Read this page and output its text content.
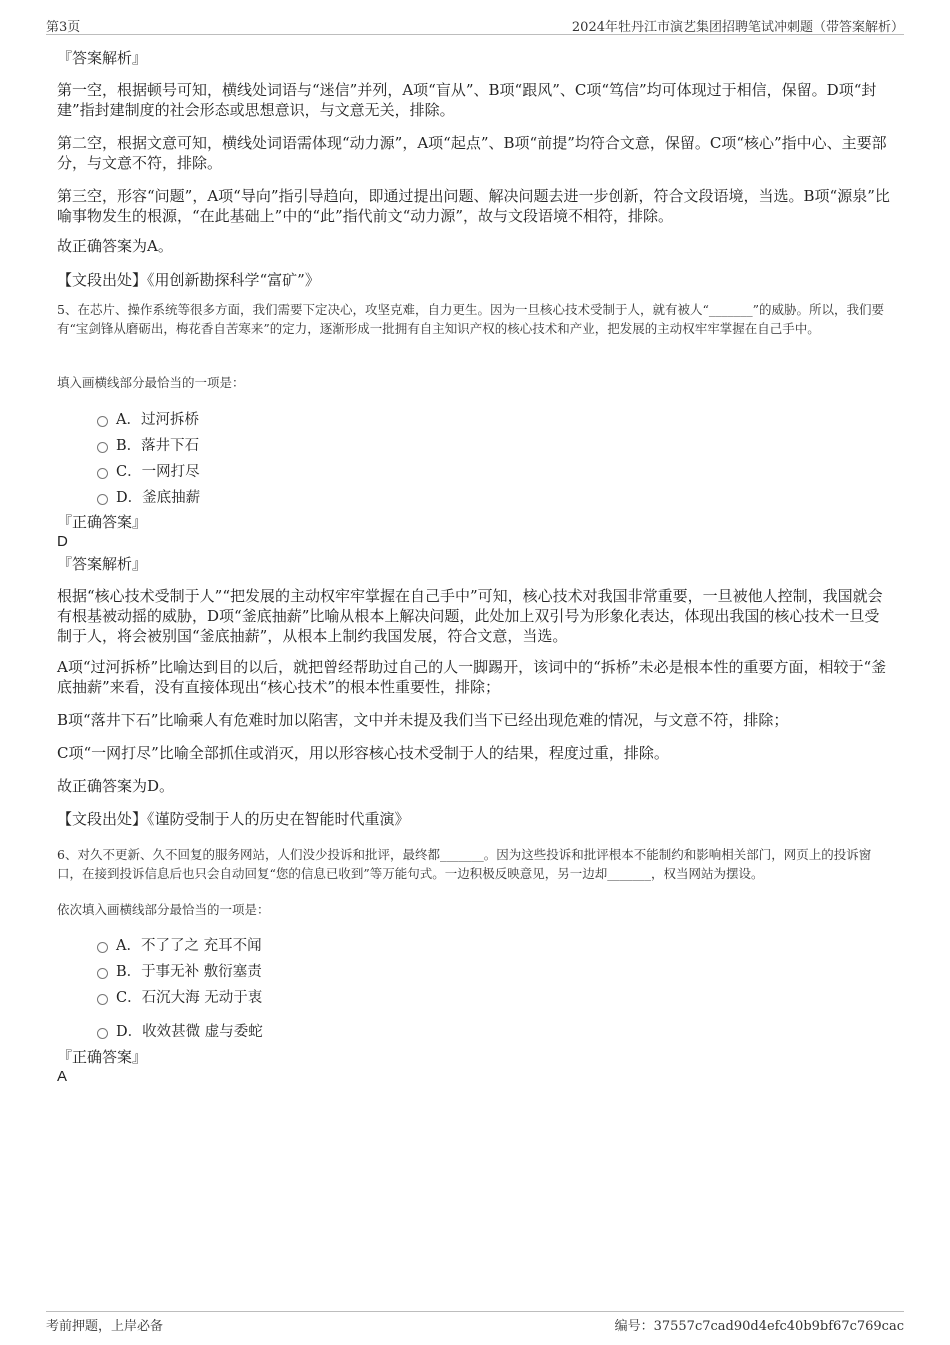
第3页	2024年牡丹江市演艺集团招聘笔试冲刺题（带答案解析）
『答案解析』
第一空，根据顿号可知，横线处词语与“迷信”并列，A项“盲从”、B项“跟风”、C项“笃信”均可体现过于相信，保留。D项“封建”指封建制度的社会形态或思想意识，与文意无关，排除。
第二空，根据文意可知，横线处词语需体现“动力源”，A项“起点”、B项“前提”均符合文意，保留。C项“核心”指中心、主要部分，与文意不符，排除。
第三空，形容“问题”，A项“导向”指引导趋向，即通过提出问题、解决问题去进一步创新，符合文段语境，当选。B项“源泉”比喻事物发生的根源，“在此基础上”中的“此”指代前文“动力源”，故与文段语境不相符，排除。
故正确答案为A。
【文段出处】《用创新勘探科学“富矿”》
5、在芯片、操作系统等很多方面，我们需要下定决心，攻坚克难，自力更生。因为一旦核心技术受制于人，就有被人“_______”的威胁。所以，我们要有“宝剑锋从磨砺出，梅花香自苦寒来”的定力，逐渐形成一批拥有自主知识产权的核心技术和产业，把发展的主动权牢牢掌握在自己手中。
填入画横线部分最恰当的一项是：
A．过河拆桥
B．落井下石
C．一网打尽
D．釜底抽薪
『正确答案』
D
『答案解析』
根据“核心技术受制于人”“把发展的主动权牢牢掌握在自己手中”可知，核心技术对我国非常重要，一旦被他人控制，我国就会有根基被动摇的威胁，D项“釜底抽薪”比喻从根本上解决问题，此处加上双引号为形象化表达，体现出我国的核心技术一旦受制于人，将会被别国“釜底抽薪”，从根本上制约我国发展，符合文意，当选。
A项“过河拆桥”比喻达到目的以后，就把曾经帮助过自己的人一脚踢开，该词中的“拆桥”未必是根本性的重要方面，相较于“釜底抽薪”来看，没有直接体现出“核心技术”的根本性重要性，排除；
B项“落井下石”比喻乘人有危难时加以陷害，文中并未提及我们当下已经出现危难的情况，与文意不符，排除；
C项“一网打尽”比喻全部抓住或消灭，用以形容核心技术受制于人的结果，程度过重，排除。
故正确答案为D。
【文段出处】《谨防受制于人的历史在智能时代重演》
6、对久不更新、久不回复的服务网站，人们没少投诉和批评，最终都_______。因为这些投诉和批评根本不能制约和影响相关部门，网页上的投诉窗口，在接到投诉信息后也只会自动回复“您的信息已收到”等万能句式。一边积极反映意见，另一边却_______，权当网站为摆设。
依次填入画横线部分最恰当的一项是：
A．不了了之 充耳不闻
B．于事无补 敷衍塞责
C．石沉大海 无动于衷
D．收效甚微 虚与委蛇
『正确答案』
A
考前押题，上岸必备	编号：37557c7cad90d4efc40b9bf67c769cac
